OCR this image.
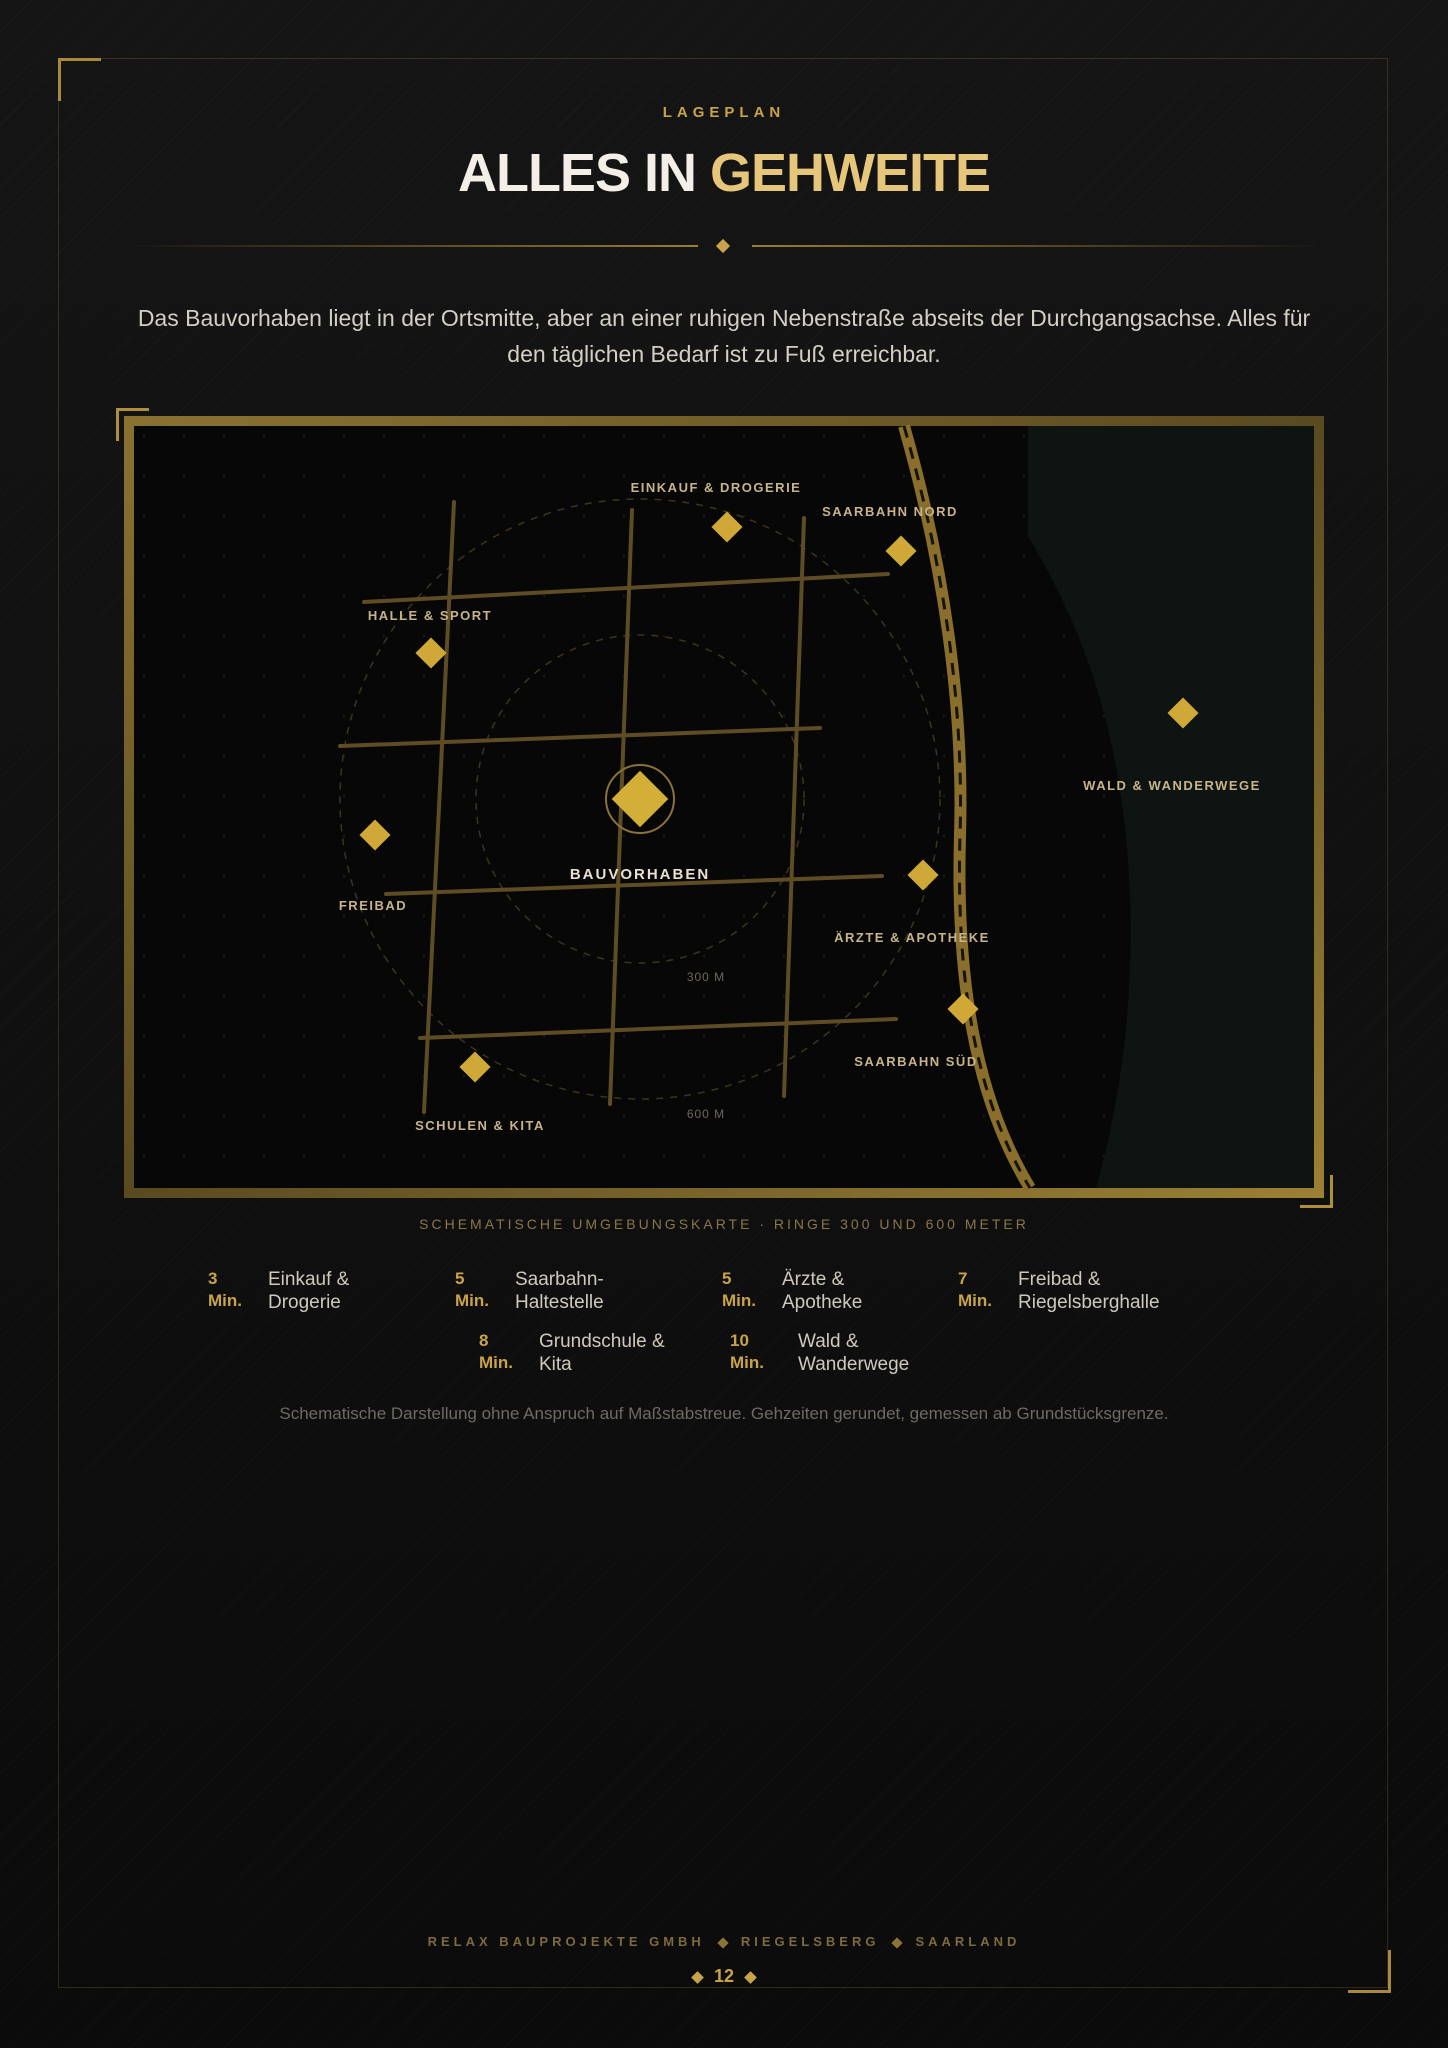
LAGEPLAN
ALLES IN GEHWEITE
Das Bauvorhaben liegt in der Ortsmitte, aber an einer ruhigen Nebenstraße abseits der Durchgangsachse. Alles für den täglichen Bedarf ist zu Fuß erreichbar.
BAUVORHABEN
300 M
600 M
EINKAUF & DROGERIE
SAARBAHN NORD
HALLE & SPORT
WALD & WANDERWEGE
FREIBAD
ÄRZTE & APOTHEKE
SAARBAHN SÜD
SCHULEN & KITA
SCHEMATISCHE UMGEBUNGSKARTE · RINGE 300 UND 600 METER
3
Min.
Einkauf &
Drogerie
5
Min.
Saarbahn-
Haltestelle
5
Min.
Ärzte &
Apotheke
7
Min.
Freibad &
Riegelsberghalle
8
Min.
Grundschule &
Kita
10
Min.
Wald &
Wanderwege
Schematische Darstellung ohne Anspruch auf Maßstabstreue. Gehzeiten gerundet, gemessen ab Grundstücksgrenze.
RELAX BAUPROJEKTE GMBH	RIEGELSBERG	SAARLAND
12
